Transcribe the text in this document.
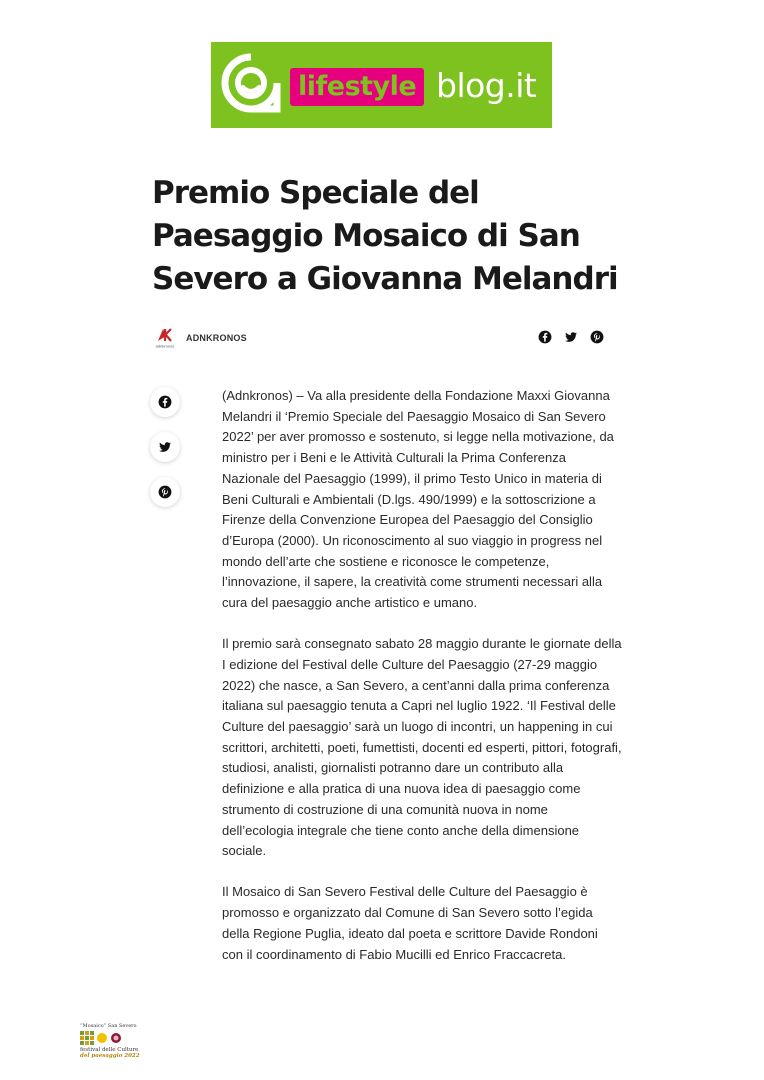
lifestyle blog.it
Premio Speciale del Paesaggio Mosaico di San Severo a Giovanna Melandri
adnkronos
ADNKRONOS

(Adnkronos) – Va alla presidente della Fondazione Maxxi Giovanna Melandri il ‘Premio Speciale del Paesaggio Mosaico di San Severo 2022’ per aver promosso e sostenuto, si legge nella motivazione, da ministro per i Beni e le Attività Culturali la Prima Conferenza Nazionale del Paesaggio (1999), il primo Testo Unico in materia di Beni Culturali e Ambientali (D.lgs. 490/1999) e la sottoscrizione a Firenze della Convenzione Europea del Paesaggio del Consiglio d’Europa (2000). Un riconoscimento al suo viaggio in progress nel mondo dell’arte che sostiene e riconosce le competenze, l’innovazione, il sapere, la creatività come strumenti necessari alla cura del paesaggio anche artistico e umano.

Il premio sarà consegnato sabato 28 maggio durante le giornate della I edizione del Festival delle Culture del Paesaggio (27-29 maggio 2022) che nasce, a San Severo, a cent’anni dalla prima conferenza italiana sul paesaggio tenuta a Capri nel luglio 1922. ‘Il Festival delle Culture del paesaggio’ sarà un luogo di incontri, un happening in cui scrittori, architetti, poeti, fumettisti, docenti ed esperti, pittori, fotografi, studiosi, analisti, giornalisti potranno dare un contributo alla definizione e alla pratica di una nuova idea di paesaggio come strumento di costruzione di una comunità nuova in nome dell’ecologia integrale che tiene conto anche della dimensione sociale.

Il Mosaico di San Severo Festival delle Culture del Paesaggio è promosso e organizzato dal Comune di San Severo sotto l’egida della Regione Puglia, ideato dal poeta e scrittore Davide Rondoni con il coordinamento di Fabio Mucilli ed Enrico Fraccacreta.

“Mosaico” San Severo
festival delle Culture
del paesaggio 2022
